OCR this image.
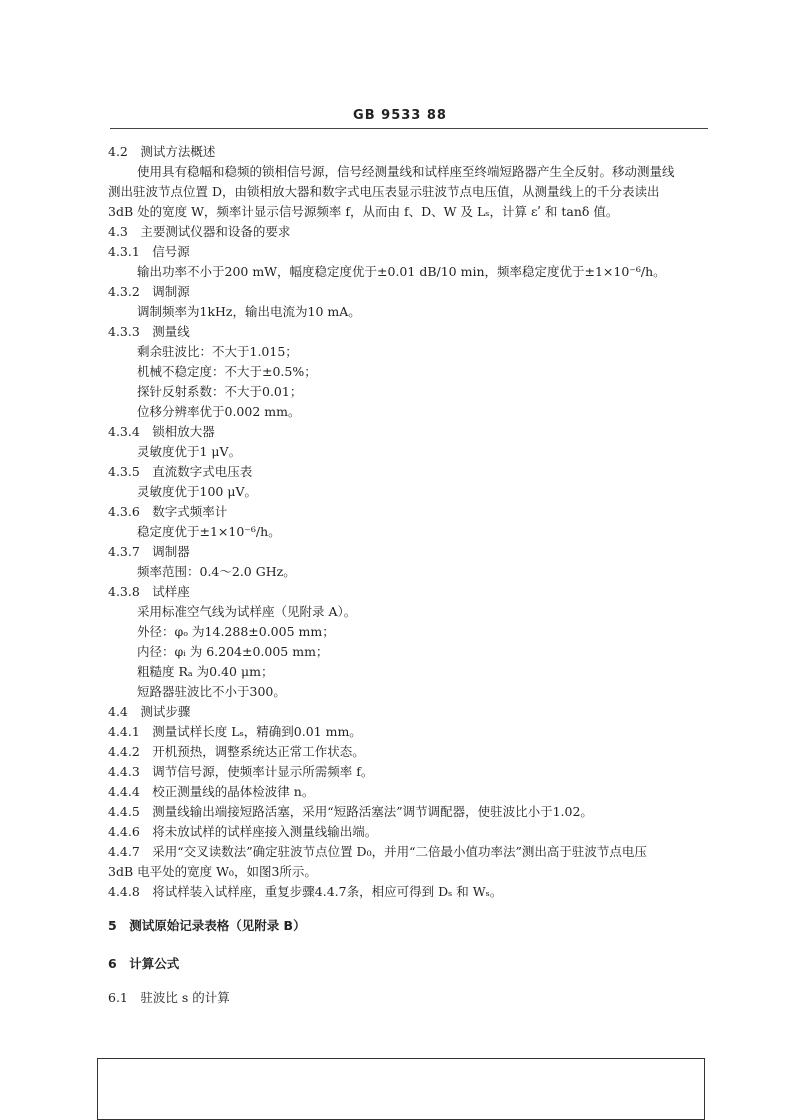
GB 9533 88
4.2　测试方法概述
使用具有稳幅和稳频的锁相信号源，信号经测量线和试样座至终端短路器产生全反射。移动测量线
测出驻波节点位置 D，由锁相放大器和数字式电压表显示驻波节点电压值，从测量线上的千分表读出
3dB 处的宽度 W，频率计显示信号源频率 f，从而由 f、D、W 及 Lₛ，计算 εʹ 和 tanδ 值。
4.3　主要测试仪器和设备的要求
4.3.1　信号源
输出功率不小于200 mW，幅度稳定度优于±0.01 dB/10 min，频率稳定度优于±1×10⁻⁶/h。
4.3.2　调制源
调制频率为1kHz，输出电流为10 mA。
4.3.3　测量线
剩余驻波比：不大于1.015；
机械不稳定度：不大于±0.5%；
探针反射系数：不大于0.01；
位移分辨率优于0.002 mm。
4.3.4　锁相放大器
灵敏度优于1 μV。
4.3.5　直流数字式电压表
灵敏度优于100 μV。
4.3.6　数字式频率计
稳定度优于±1×10⁻⁶/h。
4.3.7　调制器
频率范围：0.4～2.0 GHz。
4.3.8　试样座
采用标准空气线为试样座（见附录 A）。
外径：φₒ 为14.288±0.005 mm；
内径：φᵢ 为 6.204±0.005 mm；
粗糙度 Rₐ 为0.40 μm；
短路器驻波比不小于300。
4.4　测试步骤
4.4.1　测量试样长度 Lₛ，精确到0.01 mm。
4.4.2　开机预热，调整系统达正常工作状态。
4.4.3　调节信号源，使频率计显示所需频率 f。
4.4.4　校正测量线的晶体检波律 n。
4.4.5　测量线输出端接短路活塞，采用“短路活塞法”调节调配器，使驻波比小于1.02。
4.4.6　将未放试样的试样座接入测量线输出端。
4.4.7　采用“交叉读数法”确定驻波节点位置 D₀，并用“二倍最小值功率法”测出高于驻波节点电压
3dB 电平处的宽度 W₀，如图3所示。
4.4.8　将试样装入试样座，重复步骤4.4.7条，相应可得到 Dₛ 和 Wₛ。
5　测试原始记录表格（见附录 B）
6　计算公式
6.1　驻波比 s 的计算
